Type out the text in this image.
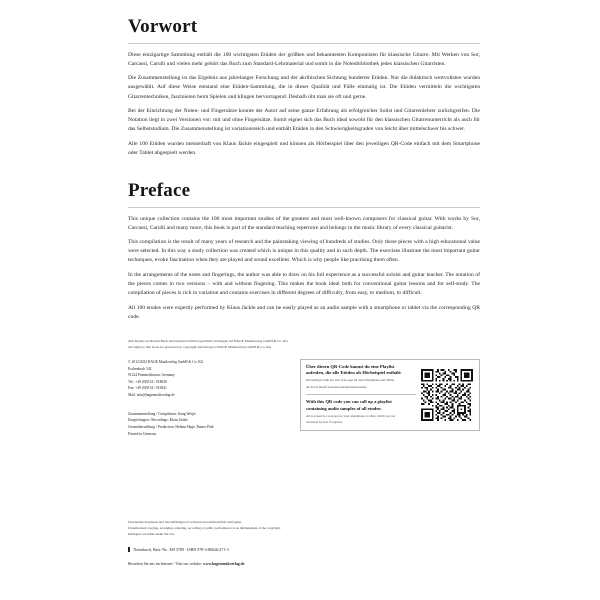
Vorwort

Diese einzigartige Sammlung enthält die 100 wichtigsten Etüden der größten und bekanntesten Komponisten für klassische Gitarre. Mit Werken von Sor, Carcassi, Carulli und vielen mehr gehört das Buch zum Standard-Lehrmaterial und somit in die Notenbibliothek jedes klassischen Gitarristen.

Die Zusammenstellung ist das Ergebnis aus jahrelanger Forschung und der akribischen Sichtung hunderter Etüden. Nur die didaktisch wertvollsten wurden ausgewählt. Auf diese Weise entstand eine Etüden-Sammlung, die in dieser Qualität und Fülle einmalig ist. Die Etüden vermitteln die wichtigsten Gitarrentechniken, faszinieren beim Spielen und klingen hervorragend. Deshalb übt man sie oft und gerne.

Bei der Einrichtung der Noten- und Fingersätze konnte der Autor auf seine ganze Erfahrung als erfolgreicher Solist und Gitarrenlehrer zurückgreifen. Die Notation liegt in zwei Versionen vor: mit und ohne Fingersätze. Somit eignet sich das Buch ideal sowohl für den klassischen Gitarrenunterricht als auch für das Selbststudium. Die Zusammenstellung ist variationsreich und enthält Etüden in den Schwierigkeitsgraden von leicht über mittelschwer bis schwer.

Alle 100 Etüden wurden meisterhaft von Klaus Jäckle eingespielt und können als Hörbeispiel über den jeweiligen QR-Code einfach mit dem Smartphone oder Tablet abgespielt werden.

Preface

This unique collection contains the 100 most important studies of the greatest and most well-known composers for classical guitar. With works by Sor, Carcassi, Carulli and many more, this book is part of the standard teaching repertoire and belongs in the music library of every classical guitarist.

This compilation is the result of many years of research and the painstaking viewing of hundreds of studies. Only those pieces with a high educational value were selected. In this way a study collection was created which is unique in this quality and in such depth. The exercises illustrate the most important guitar techniques, evoke fascination when they are played and sound excellent. Which is why people like practising them often.

In the arrangements of the notes and fingerings, the author was able to draw on his full experience as a successful soloist and guitar teacher. The notation of the pieces comes in two versions – with and without fingering. This makes the book ideal both for conventional guitar lessons and for self-study. The compilation of pieces is rich in variation and contains exercises in different degrees of difficulty, from easy, to medium, to difficult.

All 100 etudes were expertly performed by Klaus Jäckle and can be easily played as an audio sample with a smartphone or tablet via the corresponding QR code.

Alle Rechte an diesem Buch sind urheberrechtlich geschützt und liegen bei HAGE Musikverlag GmbH & Co. KG
All rights to this book are protected by copyright and belong to HAGE Musikverlag GmbH & Co. KG
© 2012/2023 HAGE Musikverlag GmbH & Co. KG
Eschenbach 542
91224 Pommelsbrunn, Germany
Tel.: +49 (0)9154 / 918040
Fax: +49 (0)9154 / 916941
Mail: info@hagemusikverlag.de
Zusammenstellung / Compilation: Jiang Weijie
Einspielungen / Recordings: Klaus Jäckle
Gesamtherstellung / Production: Helmut Hage, Rainer Pink
Printed in Germany

Über diesen QR-Code kannst du eine Playlist

aufrufen, die alle Etüden als Hörbeispiel enthält:

Du benötigst dafür nur eine Scan-App für dein Smartphone oder Tablet,

die du bei Bedarf kostenlos herunterladen kannst.

With this QR code you can call up a playlist

containing audio samples of all etudes:

All you need is a scan app for your smartphone or tablet, which you can

download for free if required.

Unerlaubtes Kopieren und Vervielfältigen ist verboten und strafrechtlich verfolgbar.
Unauthorised copying, arranging, adapting, recording or public performance is an infringement of the copyright.
Infringers are liable under the law.
Notenbuch, Best.-Nr.: EH 3789 · ISBN 978-3-86626-271-3
Besuchen Sie uns im Internet / Visit our website: www.hagemusikverlag.de
